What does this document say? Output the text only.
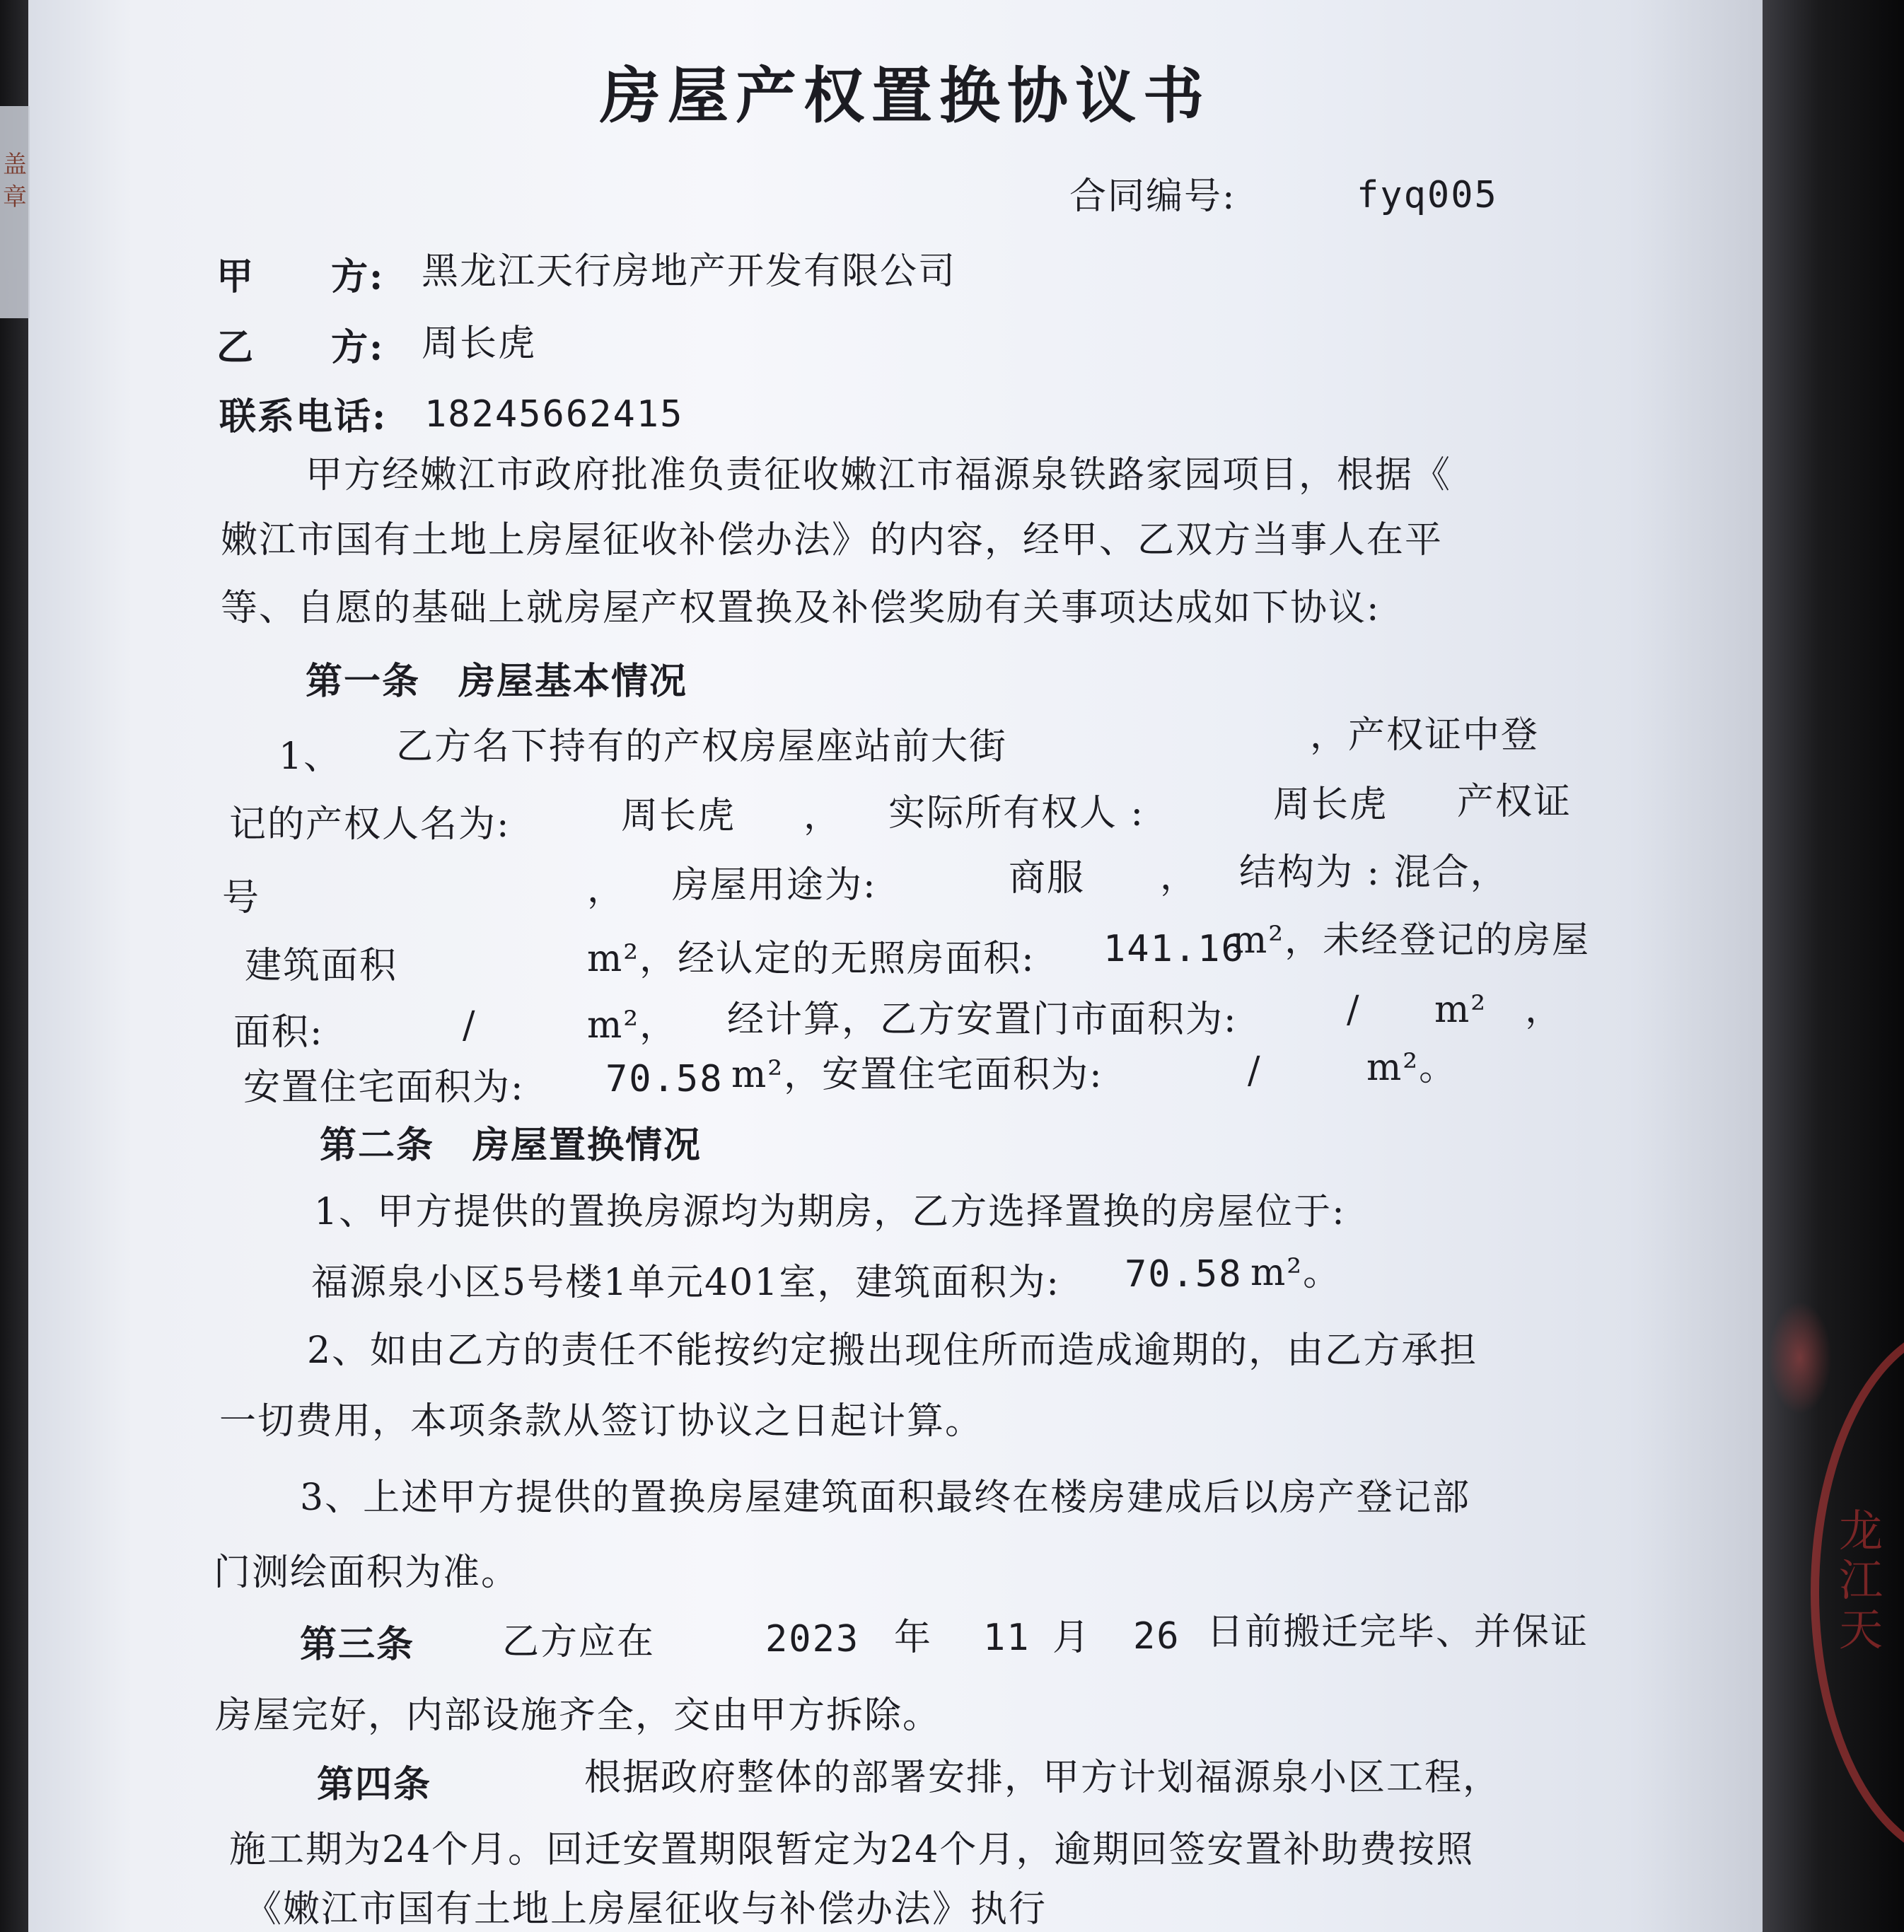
盖章
房屋产权置换协议书
合同编号:	fyq005
甲　　方: 黑龙江天行房地产开发有限公司
乙　　方: 周长虎
联系电话: 18245662415
甲方经嫩江市政府批准负责征收嫩江市福源泉铁路家园项目，根据《
嫩江市国有土地上房屋征收补偿办法》的内容，经甲、乙双方当事人在平
等、自愿的基础上就房屋产权置换及补偿奖励有关事项达成如下协议:
第一条　房屋基本情况
1、 乙方名下持有的产权房屋座站前大街	，产权证中登
记的产权人名为:	周长虎 ， 实际所有权人 :	周长虎 产权证
号	， 房屋用途为:	商服 ， 结构为 : 混合，
建筑面积	m²，经认定的无照房面积: 141.16
m²，未经登记的房屋
面积:	/	m²， 经计算，乙方安置门市面积为:	/ m²　，
安置住宅面积为: 70.58 m²，安置住宅面积为:	/	m²。
第二条　房屋置换情况
1、甲方提供的置换房源均为期房，乙方选择置换的房屋位于:
福源泉小区5号楼1单元401室，建筑面积为: 70.58 m²。
2、如由乙方的责任不能按约定搬出现住所而造成逾期的，由乙方承担
一切费用，本项条款从签订协议之日起计算。
3、上述甲方提供的置换房屋建筑面积最终在楼房建成后以房产登记部
门测绘面积为准。
第三条 乙方应在	2023 年 11 月 26 日前搬迁完毕、并保证
房屋完好，内部设施齐全，交由甲方拆除。
第四条	根据政府整体的部署安排，甲方计划福源泉小区工程，
施工期为24个月。回迁安置期限暂定为24个月，逾期回签安置补助费按照
《嫩江市国有土地上房屋征收与补偿办法》执行
龙江天
